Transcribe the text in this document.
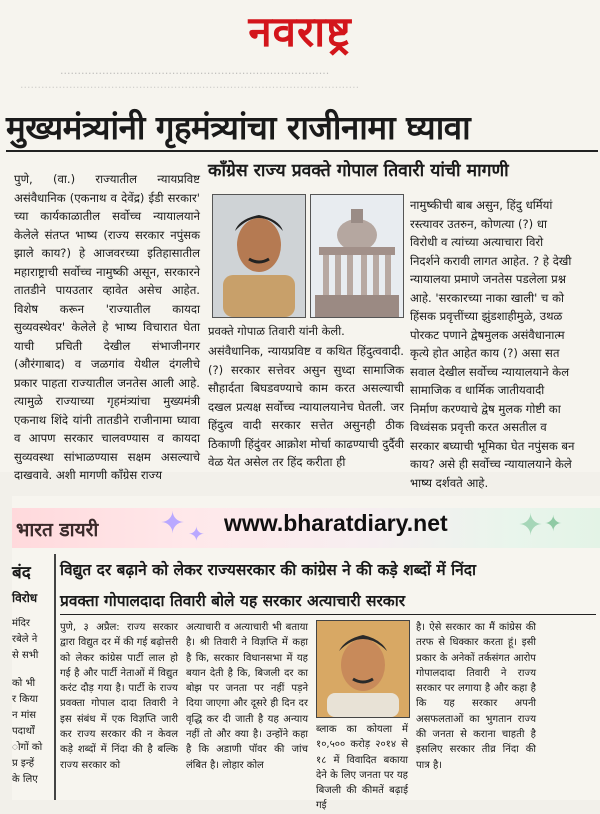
नवराष्ट्र
.............................................................................
.................................................................................................
मुख्यमंत्र्यांनी गृहमंत्र्यांचा राजीनामा घ्यावा
पुणे, (वा.) राज्यातील न्यायप्रविष्ट असंवैधानिक (एकनाथ व देवेंद्र) ईडी सरकार' च्या कार्यकाळातील सर्वोच्च न्यायालयाने केलेले संतप्त भाष्य (राज्य सरकार नपुंसक झाले काय?) हे आजवरच्या इतिहासातील महाराष्ट्राची सर्वोच्च नामुष्की असून, सरकारने तातडीने पायउतार व्हावेत असेच आहेत. विशेष करून 'राज्यातील कायदा सुव्यवस्थेवर' केलेले हे भाष्य विचारात घेता याची प्रचिती देखील संभाजीनगर (औरंगाबाद) व जळगांव येथील दंगलीचे प्रकार पाहता राज्यातील जनतेस आली आहे. त्यामुळे राज्याच्या गृहमंत्र्यांचा मुख्यमंत्री एकनाथ शिंदे यांनी तातडीने राजीनामा घ्यावा व आपण सरकार चालवण्यास व कायदा सुव्यवस्था सांभाळण्यास सक्षम असल्याचे दाखवावे. अशी मागणी काँग्रेस राज्य
काँग्रेस राज्य प्रवक्ते गोपाल तिवारी यांची मागणी
प्रवक्ते गोपाळ तिवारी यांनी केली.
असंवैधानिक, न्यायप्रविष्ट व कथित हिंदुत्ववादी. (?) सरकार सत्तेवर असुन सुध्दा सामाजिक सौहार्दता बिघडवण्याचे काम करत असल्याची दखल प्रत्यक्ष सर्वोच्च न्यायालयानेच घेतली. जर हिंदुत्व वादी सरकार सत्तेत असुनही ठीक ठिकाणी हिंदुंवर आक्रोश मोर्चा काढण्याची दुर्दैवी वेळ येत असेल तर हिंद करीता ही
नामुष्कीची बाब असुन, हिंदु धर्मियां
रस्त्यावर उतरुन, कोणत्या (?) धा
विरोधी व त्यांच्या अत्याचारा विरो
निदर्शने करावी लागत आहेत. ? हे देखी
न्यायालया प्रमाणे जनतेस पडलेला प्रश्न
आहे. 'सरकारच्या नाका खाली' च को
हिंसक प्रवृत्तींच्या झुंडशाहीमुळे, उथळ
पोरकट पणाने द्वेषमुलक असंवैधानात्म
कृत्ये होत आहेत काय (?) असा सत
सवाल देखील सर्वोच्च न्यायालयाने केल
सामाजिक व धार्मिक जातीयवादी
निर्माण करण्याचे द्वेष मुलक गोष्टी का
विध्वंसक प्रवृत्ती करत असतील व
सरकार बघ्याची भूमिका घेत नपुंसक बन
काय? असे ही सर्वोच्च न्यायालयाने केले
भाष्य दर्शवते आहे.
भारत डायरी ✦ ✦ www.bharatdiary.net ✦ ✦
बंद
विरोध
मंदिर
रबेले ने
से सभी
को भी
र किया
न मांस
पदार्थों
ोगों को
प्र इन्हें
के लिए
विद्युत दर बढ़ाने को लेकर राज्यसरकार की कांग्रेस ने की कड़े शब्दों में निंदा
प्रवक्ता गोपालदादा तिवारी बोले यह सरकार अत्याचारी सरकार
पुणे, ३ अप्रैल: राज्य सरकार द्वारा विद्युत दर में की गई बढ़ोत्तरी को लेकर कांग्रेस पार्टी लाल हो गई है और पार्टी नेताओं में विद्युत करंट दौड़ गया है। पार्टी के राज्य प्रवक्ता गोपाल दादा तिवारी ने इस संबंध में एक विज्ञप्ति जारी कर राज्य सरकार की न केवल कड़े शब्दों में निंदा की है बल्कि राज्य सरकार को
अत्याचारी व अत्याचारी भी बताया है। श्री तिवारी ने विज्ञप्ति में कहा है कि, सरकार विधानसभा में यह बयान देती है कि, बिजली दर का बोझ पर जनता पर नहीं पड़ने दिया जाएगा और दूसरे ही दिन दर वृद्धि कर दी जाती है यह अन्याय नहीं तो और क्या है। उन्होंने कहा है कि अडाणी पॉवर की जांच लंबित है। लोहार कोल
ब्लाक का कोयला में १०,५०० करोड़ २०१४ से १८ में विवादित बकाया देने के लिए जनता पर यह बिजली की कीमतें बढ़ाई गई
है। ऐसे सरकार का मैं कांग्रेस की तरफ से धिक्कार करता हूं। इसी प्रकार के अनेकों तर्कसंगत आरोप गोपालदादा तिवारी ने राज्य सरकार पर लगाया है और कहा है कि यह सरकार अपनी असफलताओं का भुगतान राज्य की जनता से कराना चाहती है इसलिए सरकार तीव्र निंदा की पात्र है।
